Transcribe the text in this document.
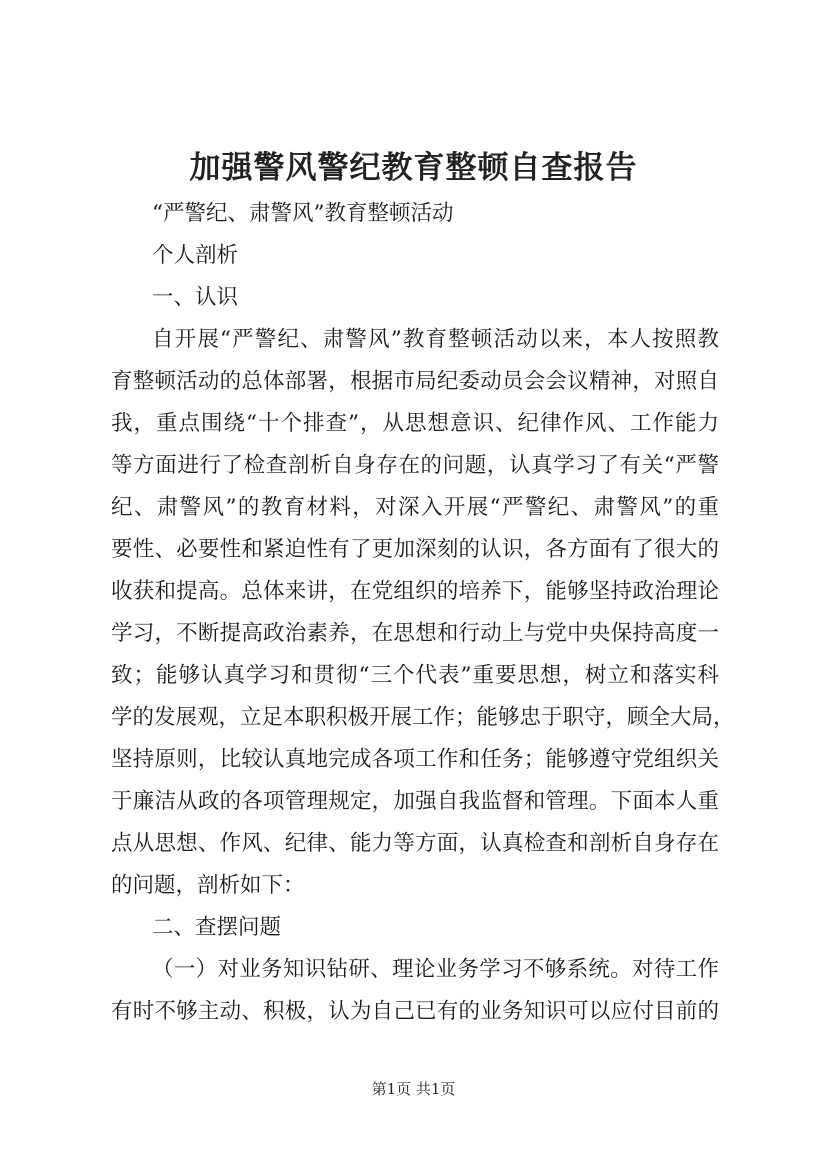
加强警风警纪教育整顿自查报告
“严警纪、肃警风”教育整顿活动
个人剖析
一、认识
自开展“严警纪、肃警风”教育整顿活动以来，本人按照教
育整顿活动的总体部署，根据市局纪委动员会会议精神，对照自
我，重点围绕“十个排查”，从思想意识、纪律作风、工作能力
等方面进行了检查剖析自身存在的问题，认真学习了有关“严警
纪、肃警风”的教育材料，对深入开展“严警纪、肃警风”的重
要性、必要性和紧迫性有了更加深刻的认识，各方面有了很大的
收获和提高。总体来讲，在党组织的培养下，能够坚持政治理论
学习，不断提高政治素养，在思想和行动上与党中央保持高度一
致；能够认真学习和贯彻“三个代表”重要思想，树立和落实科
学的发展观，立足本职积极开展工作；能够忠于职守，顾全大局，
坚持原则，比较认真地完成各项工作和任务；能够遵守党组织关
于廉洁从政的各项管理规定，加强自我监督和管理。下面本人重
点从思想、作风、纪律、能力等方面，认真检查和剖析自身存在
的问题，剖析如下：
二、查摆问题
（一）对业务知识钻研、理论业务学习不够系统。对待工作
有时不够主动、积极，认为自己已有的业务知识可以应付目前的
第1页 共1页
